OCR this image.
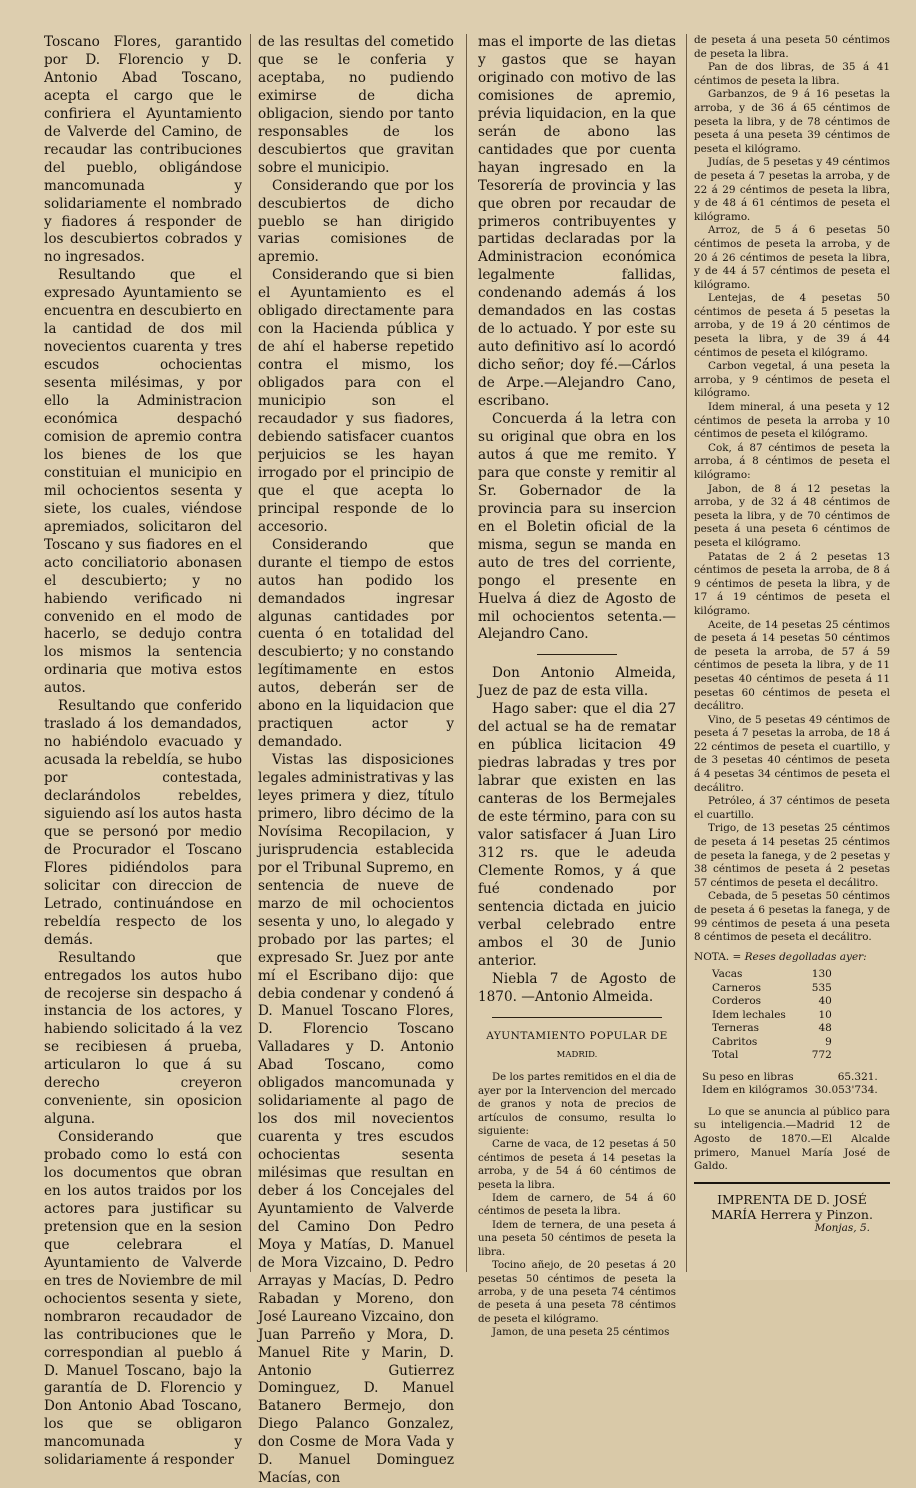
Toscano Flores, garantido por D. Florencio y D. Antonio Abad Toscano, acepta el cargo que le confiriera el Ayuntamiento de Valverde del Camino, de recaudar las contribuciones del pueblo, obligándose mancomunada y solidariamente el nombrado y fiadores á responder de los descubiertos cobrados y no ingresados.

Resultando que el expresado Ayuntamiento se encuentra en descubierto en la cantidad de dos mil novecientos cuarenta y tres escudos ochocientas sesenta milésimas, y por ello la Administracion económica despachó comision de apremio contra los bienes de los que constituian el municipio en mil ochocientos sesenta y siete, los cuales, viéndose apremiados, solicitaron del Toscano y sus fiadores en el acto conciliatorio abonasen el descubierto; y no habiendo verificado ni convenido en el modo de hacerlo, se dedujo contra los mismos la sentencia ordinaria que motiva estos autos.

Resultando que conferido traslado á los demandados, no habiéndolo evacuado y acusada la rebeldía, se hubo por contestada, declarándolos rebeldes, siguiendo así los autos hasta que se personó por medio de Procurador el Toscano Flores pidiéndolos para solicitar con direccion de Letrado, continuándose en rebeldía respecto de los demás.

Resultando que entregados los autos hubo de recojerse sin despacho á instancia de los actores, y habiendo solicitado á la vez se recibiesen á prueba, articularon lo que á su derecho creyeron conveniente, sin oposicion alguna.

Considerando que probado como lo está con los documentos que obran en los autos traidos por los actores para justificar su pretension que en la sesion que celebrara el Ayuntamiento de Valverde en tres de Noviembre de mil ochocientos sesenta y siete, nombraron recaudador de las contribuciones que le correspondian al pueblo á D. Manuel Toscano, bajo la garantía de D. Florencio y Don Antonio Abad Toscano, los que se obligaron mancomunada y solidariamente á responder

de las resultas del cometido que se le conferia y aceptaba, no pudiendo eximirse de dicha obligacion, siendo por tanto responsables de los descubiertos que gravitan sobre el municipio.

Considerando que por los descubiertos de dicho pueblo se han dirigido varias comisiones de apremio.

Considerando que si bien el Ayuntamiento es el obligado directamente para con la Hacienda pública y de ahí el haberse repetido contra el mismo, los obligados para con el municipio son el recaudador y sus fiadores, debiendo satisfacer cuantos perjuicios se les hayan irrogado por el principio de que el que acepta lo principal responde de lo accesorio.

Considerando que durante el tiempo de estos autos han podido los demandados ingresar algunas cantidades por cuenta ó en totalidad del descubierto; y no constando legítimamente en estos autos, deberán ser de abono en la liquidacion que practiquen actor y demandado.

Vistas las disposiciones legales administrativas y las leyes primera y diez, título primero, libro décimo de la Novísima Recopilacion, y jurisprudencia establecida por el Tribunal Supremo, en sentencia de nueve de marzo de mil ochocientos sesenta y uno, lo alegado y probado por las partes; el expresado Sr. Juez por ante mí el Escribano dijo: que debia condenar y condenó á D. Manuel Toscano Flores, D. Florencio Toscano Valladares y D. Antonio Abad Toscano, como obligados mancomunada y solidariamente al pago de los dos mil novecientos cuarenta y tres escudos ochocientas sesenta milésimas que resultan en deber á los Concejales del Ayuntamiento de Valverde del Camino Don Pedro Moya y Matías, D. Manuel de Mora Vizcaino, D. Pedro Arrayas y Macías, D. Pedro Rabadan y Moreno, don José Laureano Vizcaino, don Juan Parreño y Mora, D. Manuel Rite y Marin, D. Antonio Gutierrez Dominguez, D. Manuel Batanero Bermejo, don Diego Palanco Gonzalez, don Cosme de Mora Vada y D. Manuel Dominguez Macías, con

mas el importe de las dietas y gastos que se hayan originado con motivo de las comisiones de apremio, prévia liquidacion, en la que serán de abono las cantidades que por cuenta hayan ingresado en la Tesorería de provincia y las que obren por recaudar de primeros contribuyentes y partidas declaradas por la Administracion económica legalmente fallidas, condenando además á los demandados en las costas de lo actuado. Y por este su auto definitivo así lo acordó dicho señor; doy fé.—Cárlos de Arpe.—Alejandro Cano, escribano.

Concuerda á la letra con su original que obra en los autos á que me remito. Y para que conste y remitir al Sr. Gobernador de la provincia para su insercion en el Boletin oficial de la misma, segun se manda en auto de tres del corriente, pongo el presente en Huelva á diez de Agosto de mil ochocientos setenta.—Alejandro Cano.

Don Antonio Almeida, Juez de paz de esta villa.

Hago saber: que el dia 27 del actual se ha de rematar en pública licitacion 49 piedras labradas y tres por labrar que existen en las canteras de los Bermejales de este término, para con su valor satisfacer á Juan Liro 312 rs. que le adeuda Clemente Romos, y á que fué condenado por sentencia dictada en juicio verbal celebrado entre ambos el 30 de Junio anterior.

Niebla 7 de Agosto de 1870. —Antonio Almeida.

AYUNTAMIENTO POPULAR DE
MADRID.

De los partes remitidos en el dia de ayer por la Intervencion del mercado de granos y nota de precios de artículos de consumo, resulta lo siguiente:

Carne de vaca, de 12 pesetas á 50 céntimos de peseta á 14 pesetas la arroba, y de 54 á 60 céntimos de peseta la libra.

Idem de carnero, de 54 á 60 céntimos de peseta la libra.

Idem de ternera, de una peseta á una peseta 50 céntimos de peseta la libra.

Tocino añejo, de 20 pesetas á 20 pesetas 50 céntimos de peseta la arroba, y de una peseta 74 céntimos de peseta á una peseta 78 céntimos de peseta el kilógramo.

Jamon, de una peseta 25 céntimos

de peseta á una peseta 50 céntimos de peseta la libra.

Pan de dos libras, de 35 á 41 céntimos de peseta la libra.

Garbanzos, de 9 á 16 pesetas la arroba, y de 36 á 65 céntimos de peseta la libra, y de 78 céntimos de peseta á una peseta 39 céntimos de peseta el kilógramo.

Judías, de 5 pesetas y 49 céntimos de peseta á 7 pesetas la arroba, y de 22 á 29 céntimos de peseta la libra, y de 48 á 61 céntimos de peseta el kilógramo.

Arroz, de 5 á 6 pesetas 50 céntimos de peseta la arroba, y de 20 á 26 céntimos de peseta la libra, y de 44 á 57 céntimos de peseta el kilógramo.

Lentejas, de 4 pesetas 50 céntimos de peseta á 5 pesetas la arroba, y de 19 á 20 céntimos de peseta la libra, y de 39 á 44 céntimos de peseta el kilógramo.

Carbon vegetal, á una peseta la arroba, y 9 céntimos de peseta el kilógramo.

Idem mineral, á una peseta y 12 céntimos de peseta la arroba y 10 céntimos de peseta el kilógramo.

Cok, á 87 céntimos de peseta la arroba, á 8 céntimos de peseta el kilógramo:

Jabon, de 8 á 12 pesetas la arroba, y de 32 á 48 céntimos de peseta la libra, y de 70 céntimos de peseta á una peseta 6 céntimos de peseta el kilógramo.

Patatas de 2 á 2 pesetas 13 céntimos de peseta la arroba, de 8 á 9 céntimos de peseta la libra, y de 17 á 19 céntimos de peseta el kilógramo.

Aceite, de 14 pesetas 25 céntimos de peseta á 14 pesetas 50 céntimos de peseta la arroba, de 57 á 59 céntimos de peseta la libra, y de 11 pesetas 40 céntimos de peseta á 11 pesetas 60 céntimos de peseta el decálitro.

Vino, de 5 pesetas 49 céntimos de peseta á 7 pesetas la arroba, de 18 á 22 céntimos de peseta el cuartillo, y de 3 pesetas 40 céntimos de peseta á 4 pesetas 34 céntimos de peseta el decálitro.

Petróleo, á 37 céntimos de peseta el cuartillo.

Trigo, de 13 pesetas 25 céntimos de peseta á 14 pesetas 25 céntimos de peseta la fanega, y de 2 pesetas y 38 céntimos de peseta á 2 pesetas 57 céntimos de peseta el decálitro.

Cebada, de 5 pesetas 50 céntimos de peseta á 6 pesetas la fanega, y de 99 céntimos de peseta á una peseta 8 céntimos de peseta el decálitro.

NOTA. = Reses degolladas ayer:
Vacas	130
Carneros	535
Corderos	40
Idem lechales	10
Terneras	48
Cabritos	9
Total	772
Su peso en libras	65.321.
Idem en kilógramos	30.053'734.

Lo que se anuncia al público para su inteligencia.—Madrid 12 de Agosto de 1870.—El Alcalde primero, Manuel María José de Galdo.

IMPRENTA DE D. JOSÉ MARÍA Herrera y Pinzon.
Monjas, 5.
